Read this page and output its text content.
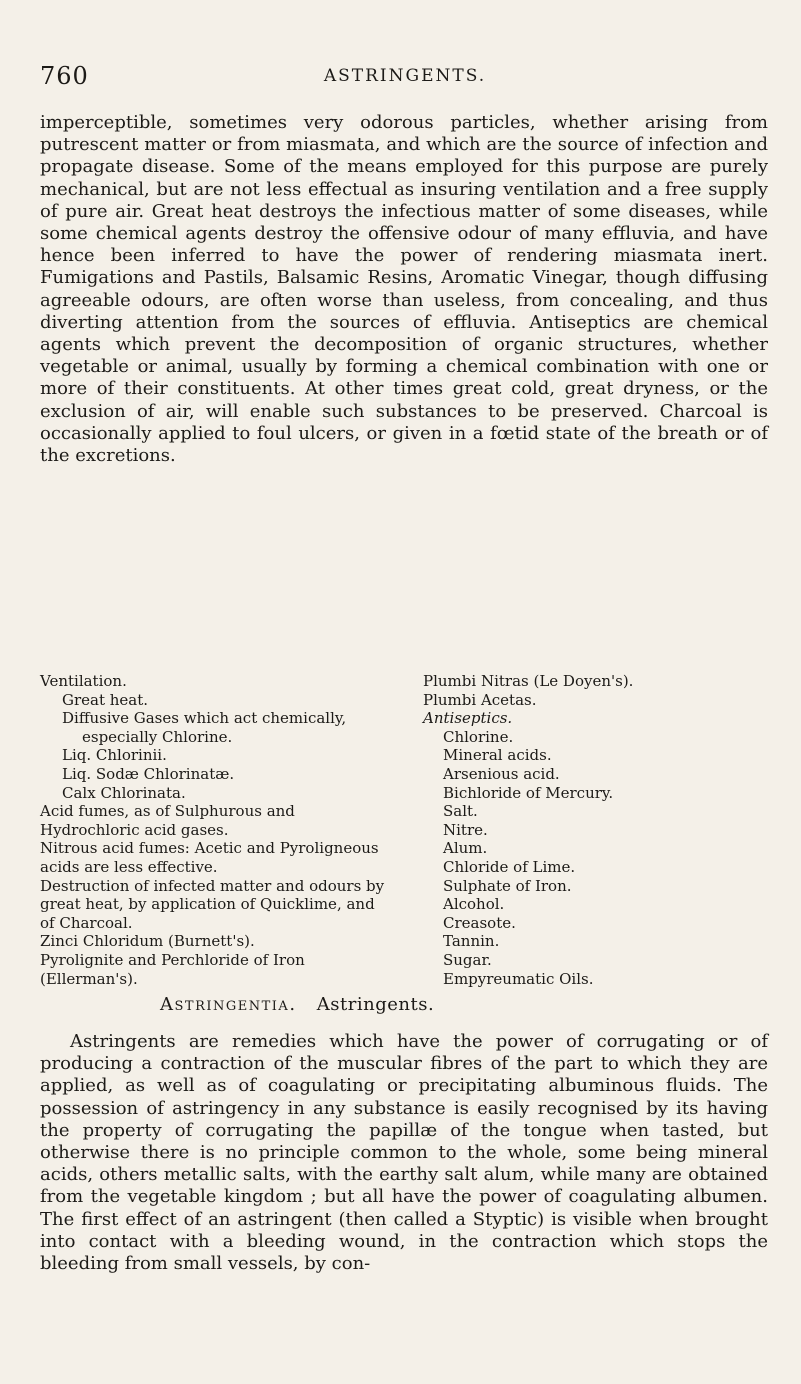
760	ASTRINGENTS.

imperceptible, sometimes very odorous particles, whether arising from putrescent matter or from miasmata, and which are the source of infection and propagate disease. Some of the means employed for this purpose are purely mechanical, but are not less effectual as insuring ventilation and a free supply of pure air. Great heat destroys the infectious matter of some diseases, while some chemical agents destroy the offensive odour of many effluvia, and have hence been inferred to have the power of rendering miasmata inert. Fumigations and Pastils, Balsamic Resins, Aromatic Vinegar, though diffusing agreeable odours, are often worse than useless, from concealing, and thus diverting attention from the sources of effluvia. Antiseptics are chemical agents which prevent the decomposition of organic structures, whether vegetable or animal, usually by forming a chemical combination with one or more of their constituents. At other times great cold, great dryness, or the exclusion of air, will enable such substances to be preserved. Charcoal is occasionally applied to foul ulcers, or given in a fœtid state of the breath or of the excretions.

Ventilation.
Great heat.
Diffusive Gases which act chemically, especially Chlorine.
Liq. Chlorinii.
Liq. Sodæ Chlorinatæ.
Calx Chlorinata.
Acid fumes, as of Sulphurous and Hydrochloric acid gases.
Nitrous acid fumes: Acetic and Pyroligneous acids are less effective.
Destruction of infected matter and odours by great heat, by application of Quicklime, and of Charcoal.
Zinci Chloridum (Burnett's).
Pyrolignite and Perchloride of Iron (Ellerman's).
Plumbi Nitras (Le Doyen's).
Plumbi Acetas.
Antiseptics.
Chlorine.
Mineral acids.
Arsenious acid.
Bichloride of Mercury.
Salt.
Nitre.
Alum.
Chloride of Lime.
Sulphate of Iron.
Alcohol.
Creasote.
Tannin.
Sugar.
Empyreumatic Oils.
Astringentia. Astringents.

Astringents are remedies which have the power of corrugating or of producing a contraction of the muscular fibres of the part to which they are applied, as well as of coagulating or precipitating albuminous fluids. The possession of astringency in any substance is easily recognised by its having the property of corrugating the papillæ of the tongue when tasted, but otherwise there is no principle common to the whole, some being mineral acids, others metallic salts, with the earthy salt alum, while many are obtained from the vegetable kingdom ; but all have the power of coagulating albumen. The first effect of an astringent (then called a Styptic) is visible when brought into contact with a bleeding wound, in the contraction which stops the bleeding from small vessels, by con-
